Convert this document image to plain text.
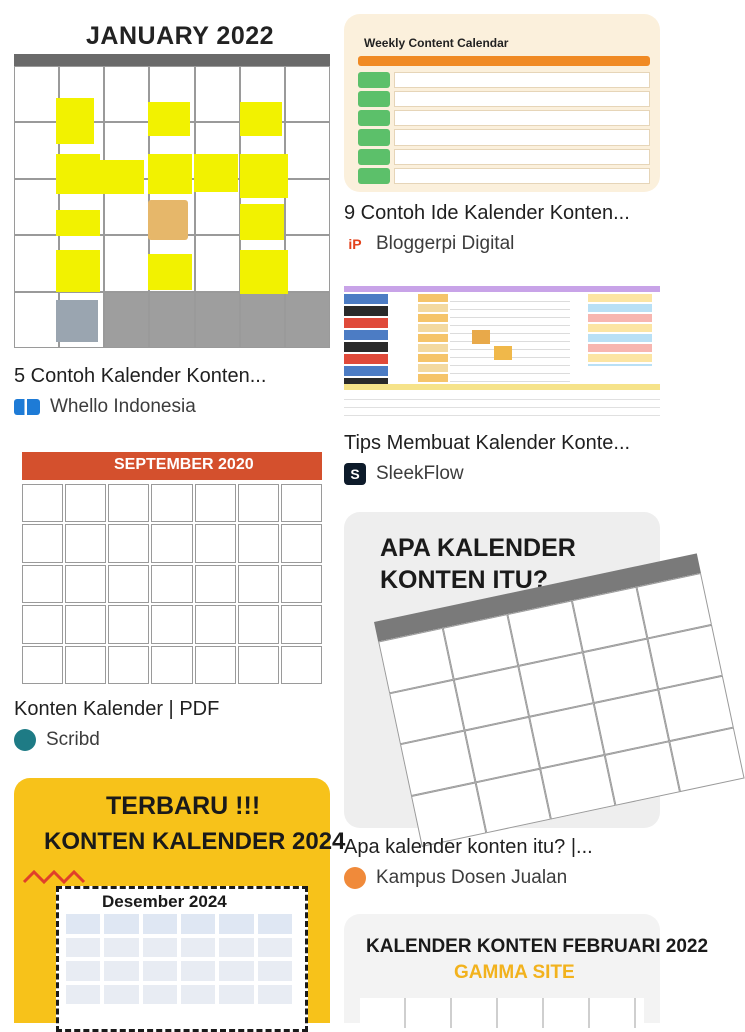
JANUARY 2022
5 Contoh Kalender Konten...
Whello Indonesia
SEPTEMBER 2020
Konten Kalender | PDF
Scribd
TERBARU !!!
KONTEN KALENDER 2024
Desember 2024
Weekly Content Calendar
9 Contoh Ide Kalender Konten...
iP Bloggerpi Digital
Tips Membuat Kalender Konte...
S SleekFlow
APA KALENDER
KONTEN ITU?
Apa kalender konten itu? |...
Kampus Dosen Jualan
KALENDER KONTEN FEBRUARI 2022
GAMMA SITE
